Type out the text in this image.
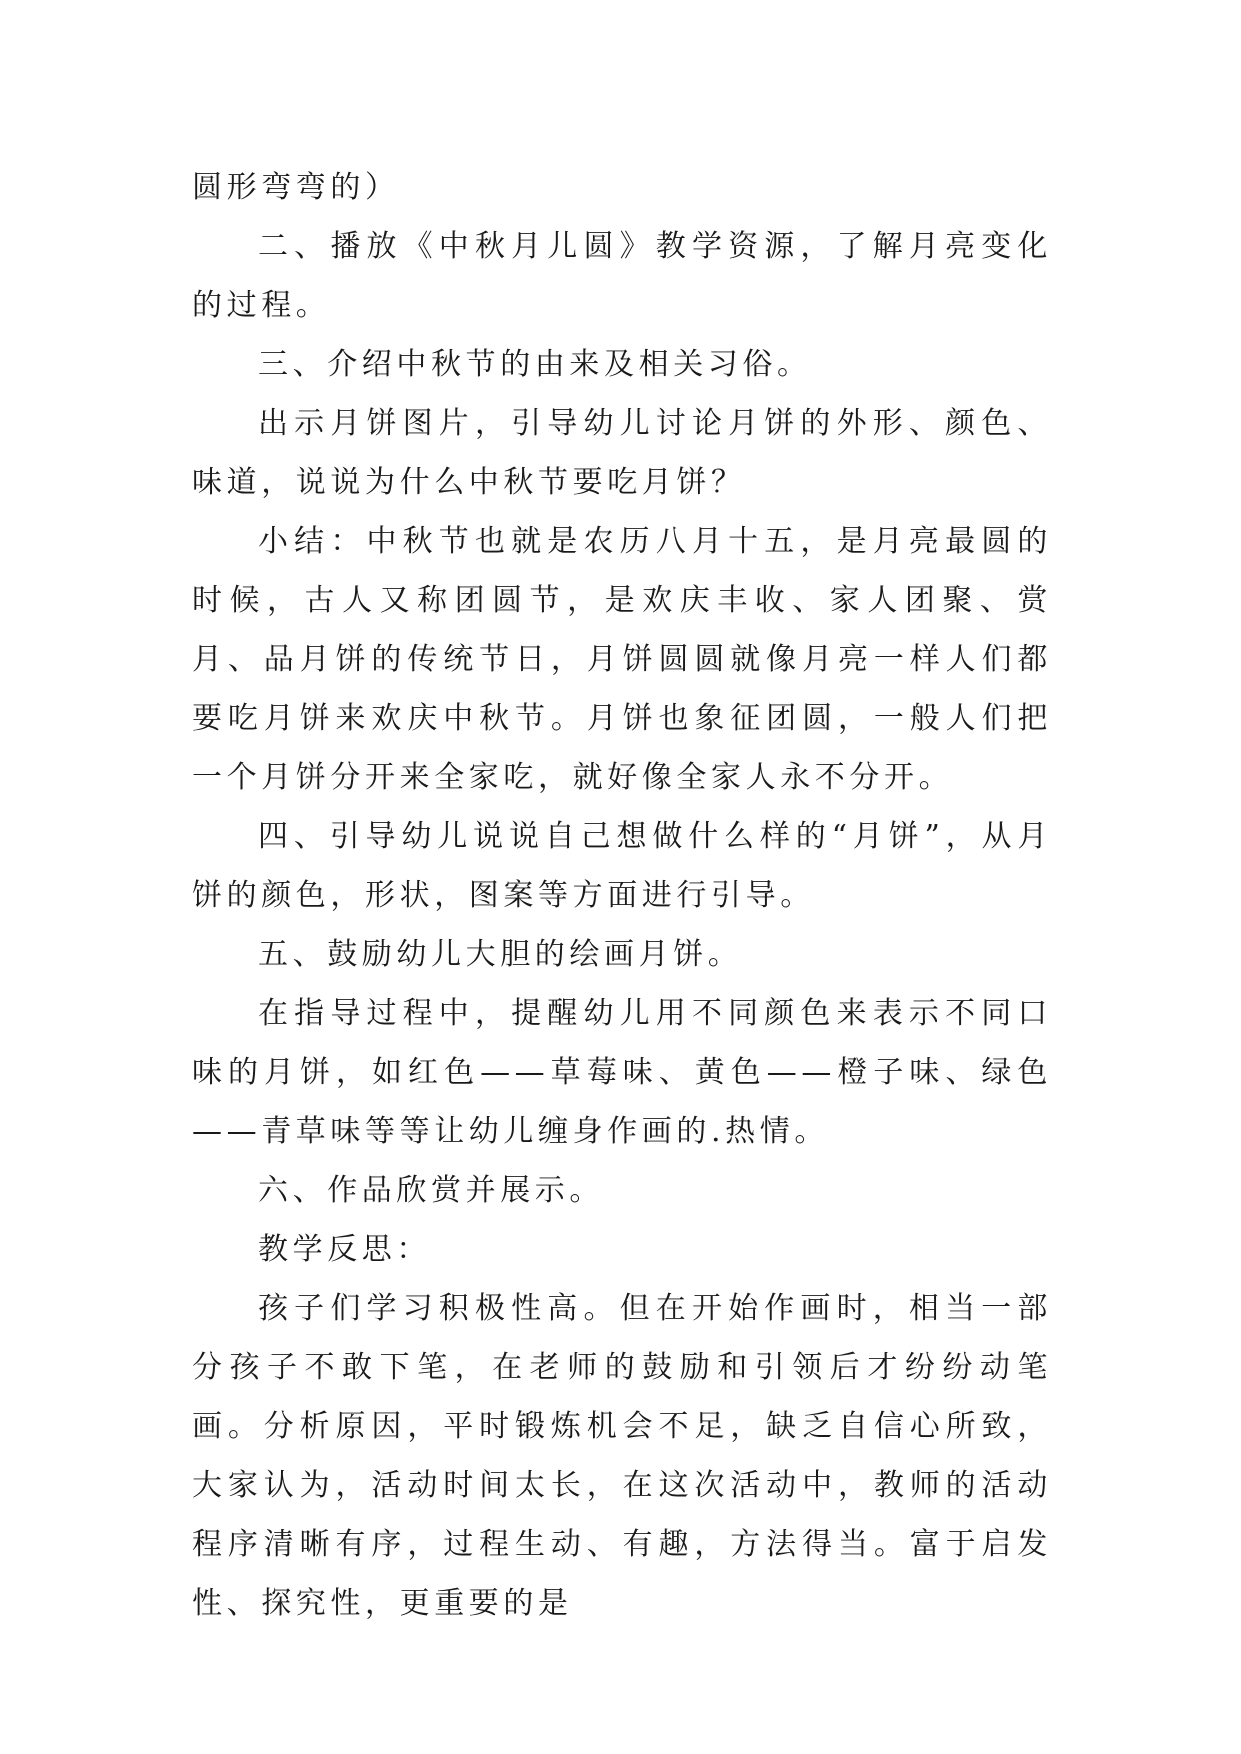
圆形弯弯的）

二、播放《中秋月儿圆》教学资源，了解月亮变化的过程。

三、介绍中秋节的由来及相关习俗。

出示月饼图片，引导幼儿讨论月饼的外形、颜色、味道，说说为什么中秋节要吃月饼？

小结：中秋节也就是农历八月十五，是月亮最圆的时候，古人又称团圆节，是欢庆丰收、家人团聚、赏月、品月饼的传统节日，月饼圆圆就像月亮一样人们都要吃月饼来欢庆中秋节。月饼也象征团圆，一般人们把一个月饼分开来全家吃，就好像全家人永不分开。

四、引导幼儿说说自己想做什么样的“月饼”，从月饼的颜色，形状，图案等方面进行引导。

五、鼓励幼儿大胆的绘画月饼。

在指导过程中，提醒幼儿用不同颜色来表示不同口味的月饼，如红色——草莓味、黄色——橙子味、绿色——青草味等等让幼儿缠身作画的.热情。

六、作品欣赏并展示。

教学反思：

孩子们学习积极性高。但在开始作画时，相当一部分孩子不敢下笔，在老师的鼓励和引领后才纷纷动笔画。分析原因，平时锻炼机会不足，缺乏自信心所致，大家认为，活动时间太长，在这次活动中，教师的活动程序清晰有序，过程生动、有趣，方法得当。富于启发性、探究性，更重要的是
